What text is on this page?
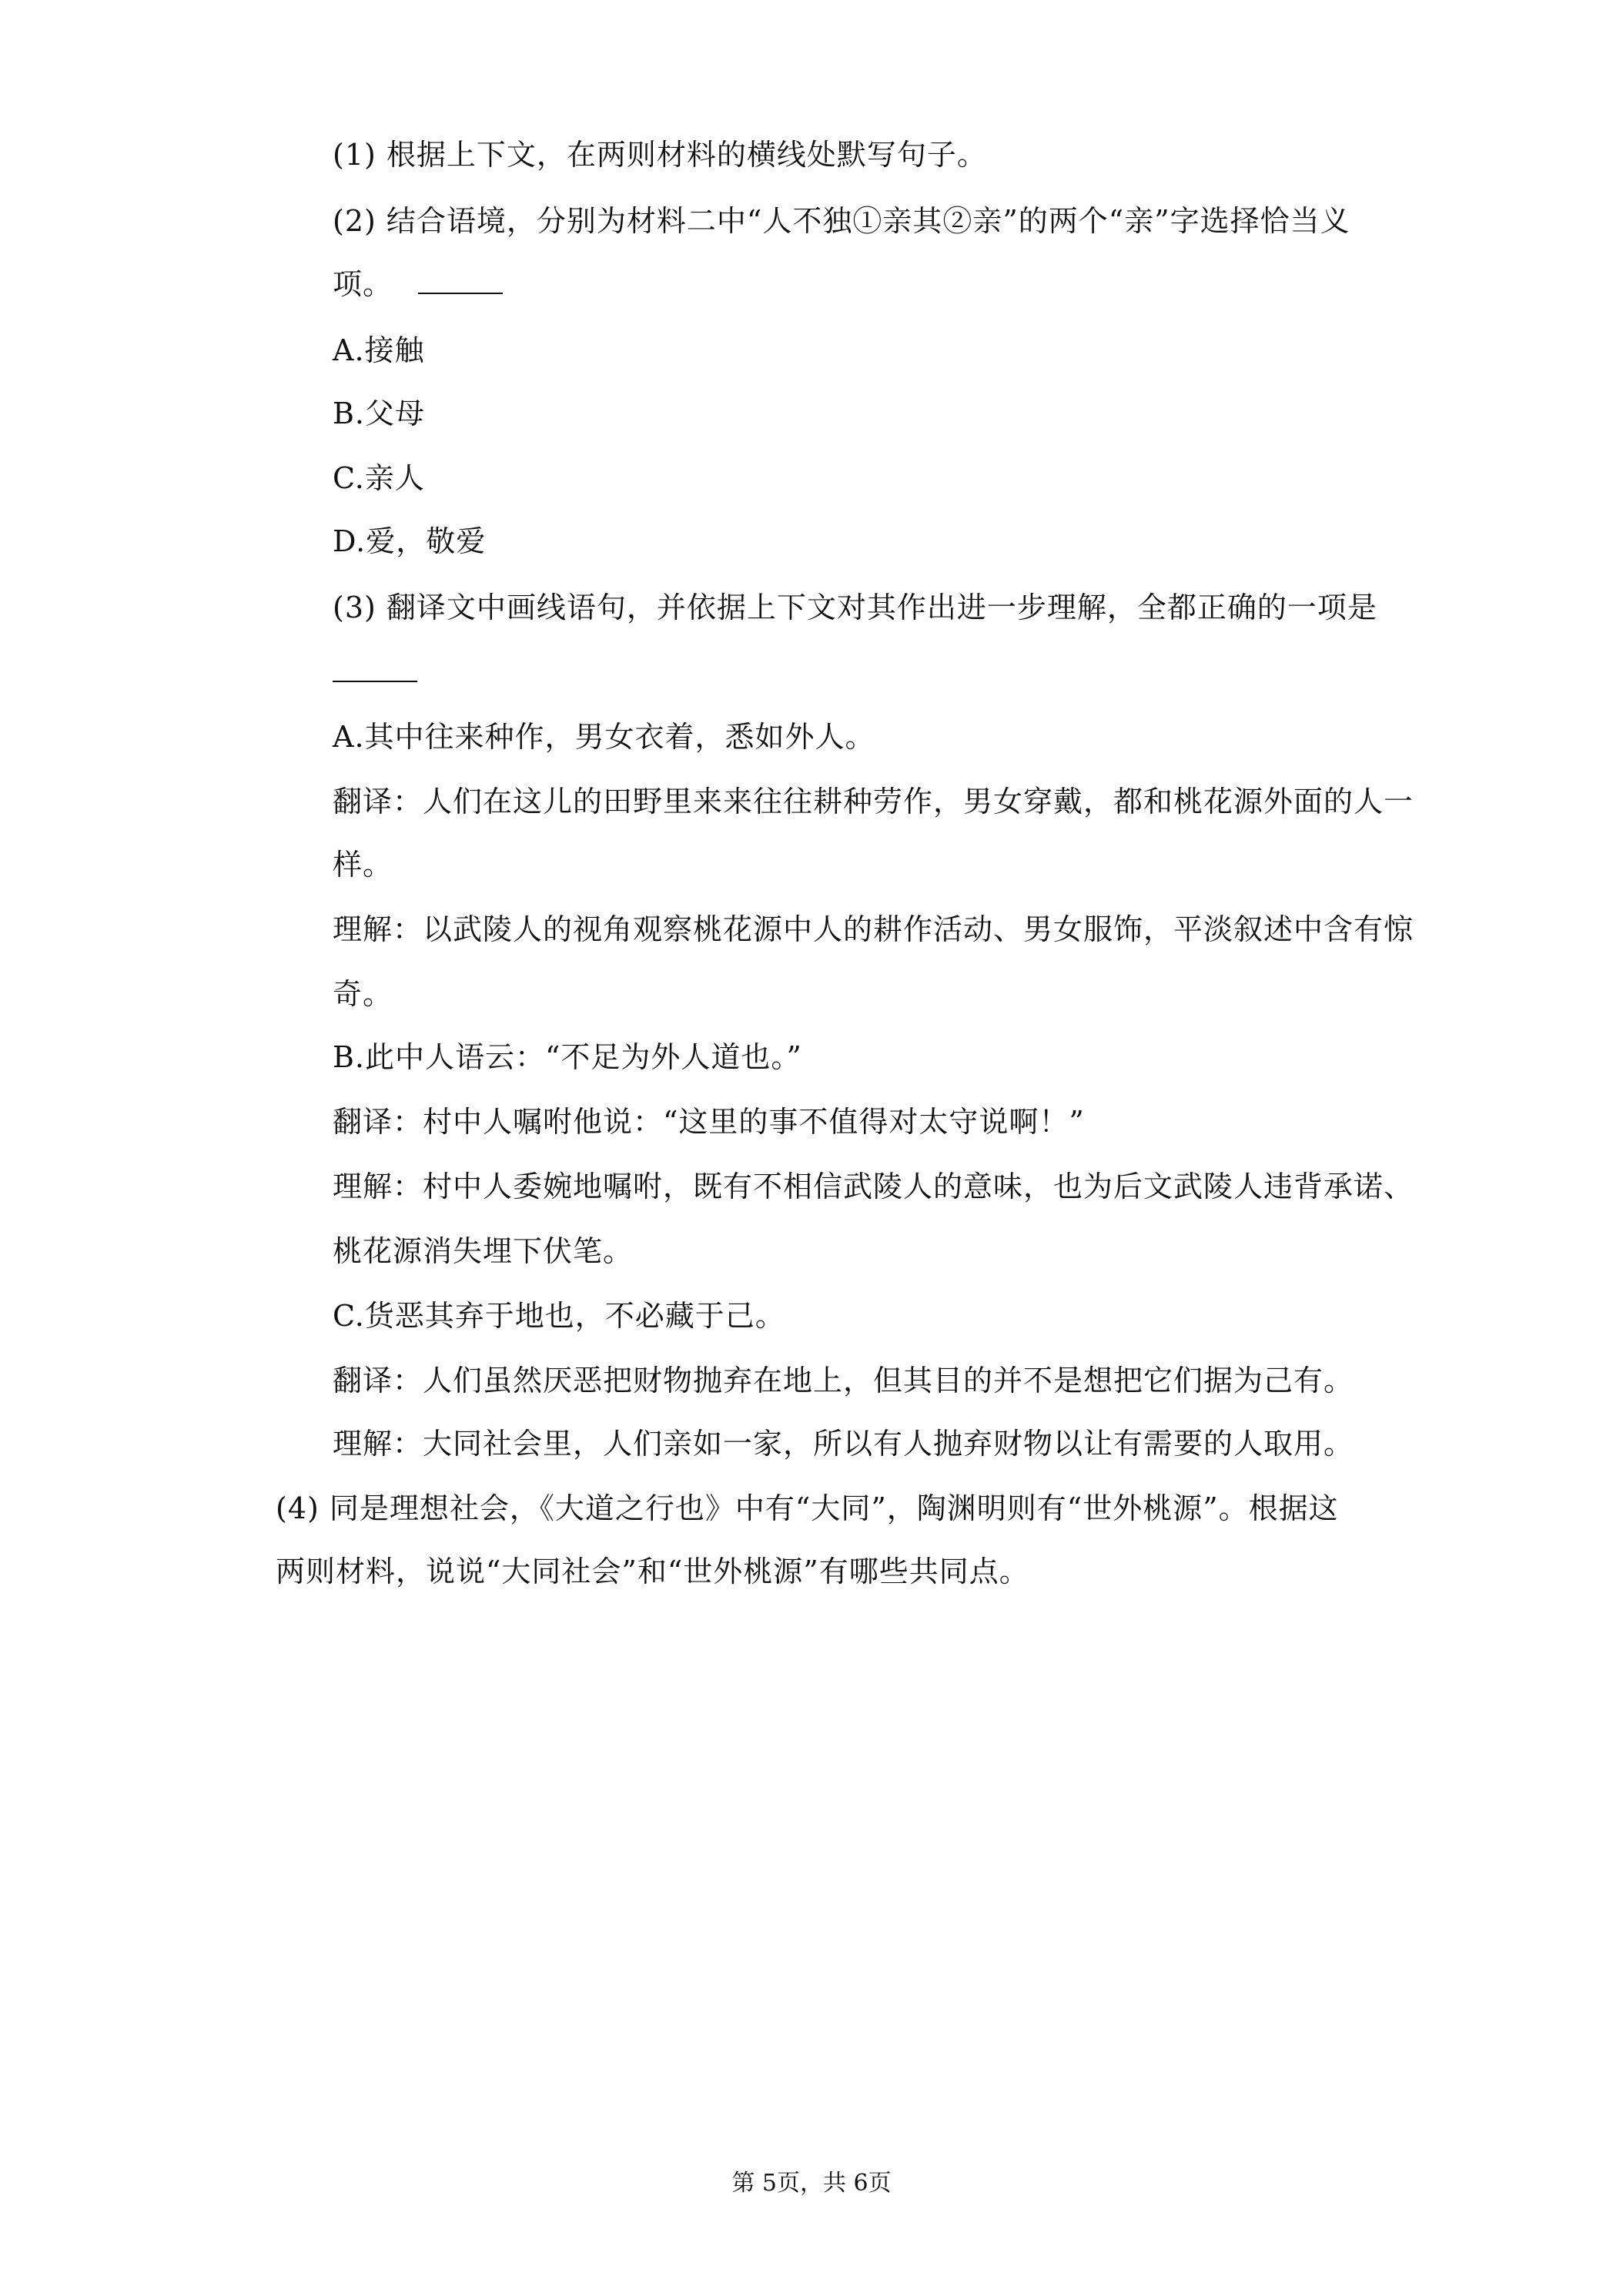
(1) 根据上下文，在两则材料的横线处默写句子。
(2) 结合语境，分别为材料二中“人不独①亲其②亲”的两个“亲”字选择恰当义
项。
A.接触
B.父母
C.亲人
D.爱，敬爱
(3) 翻译文中画线语句，并依据上下文对其作出进一步理解，全都正确的一项是
A.其中往来种作，男女衣着，悉如外人。
翻译：人们在这儿的田野里来来往往耕种劳作，男女穿戴，都和桃花源外面的人一
样。
理解：以武陵人的视角观察桃花源中人的耕作活动、男女服饰，平淡叙述中含有惊
奇。
B.此中人语云：“不足为外人道也。”
翻译：村中人嘱咐他说：“这里的事不值得对太守说啊！”
理解：村中人委婉地嘱咐，既有不相信武陵人的意味，也为后文武陵人违背承诺、
桃花源消失埋下伏笔。
C.货恶其弃于地也，不必藏于己。
翻译：人们虽然厌恶把财物抛弃在地上，但其目的并不是想把它们据为己有。
理解：大同社会里，人们亲如一家，所以有人抛弃财物以让有需要的人取用。
(4) 同是理想社会，《大道之行也》中有“大同”，陶渊明则有“世外桃源”。根据这
两则材料，说说“大同社会”和“世外桃源”有哪些共同点。
第 5页，共 6页
